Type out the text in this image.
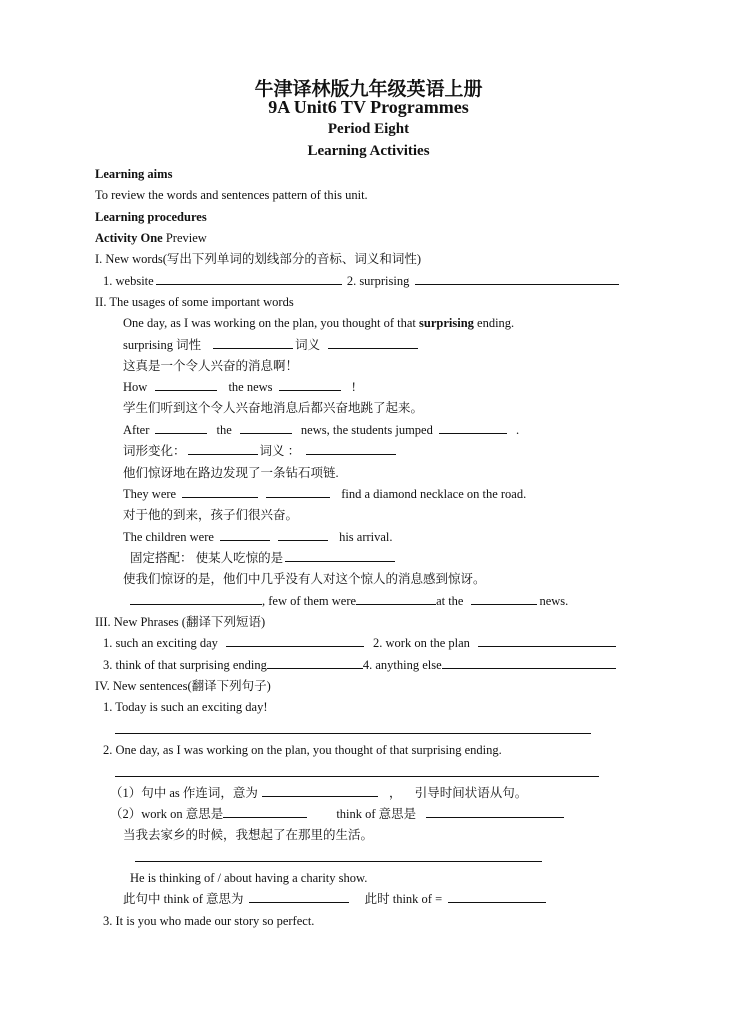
牛津译林版九年级英语上册
9A Unit6 TV Programmes
Period Eight
Learning Activities
Learning aims
To review the words and sentences pattern of this unit.
Learning procedures
Activity One Preview
I. New words(写出下列单词的划线部分的音标、词义和词性)
1. website	2. surprising
II. The usages of some important words
One day, as I was working on the plan, you thought of that surprising ending.
surprising 词性	词义
这真是一个令人兴奋的消息啊！
How	the news	!
学生们听到这个令人兴奋地消息后都兴奋地跳了起来。
After	the	news, the students jumped	.
词形变化：	词义 ：
他们惊讶地在路边发现了一条钻石项链.
They were	find a diamond necklace on the road.
对于他的到来，孩子们很兴奋。
The children were	his arrival.
固定搭配： 使某人吃惊的是
使我们惊讶的是，他们中几乎没有人对这个惊人的消息感到惊讶。
, few of them were	at the	news.
III. New Phrases (翻译下列短语)
1. such an exciting day	2. work on the plan
3. think of that surprising ending	4. anything else
IV. New sentences(翻译下列句子)
1. Today is such an exciting day!
2. One day, as I was working on the plan, you thought of that surprising ending.
（1）句中 as 作连词，意为	， 引导时间状语从句。
（2）work on 意思是	think of 意思是
当我去家乡的时候，我想起了在那里的生活。
He is thinking of / about having a charity show.
此句中 think of 意思为	此时 think of =
3. It is you who made our story so perfect.
